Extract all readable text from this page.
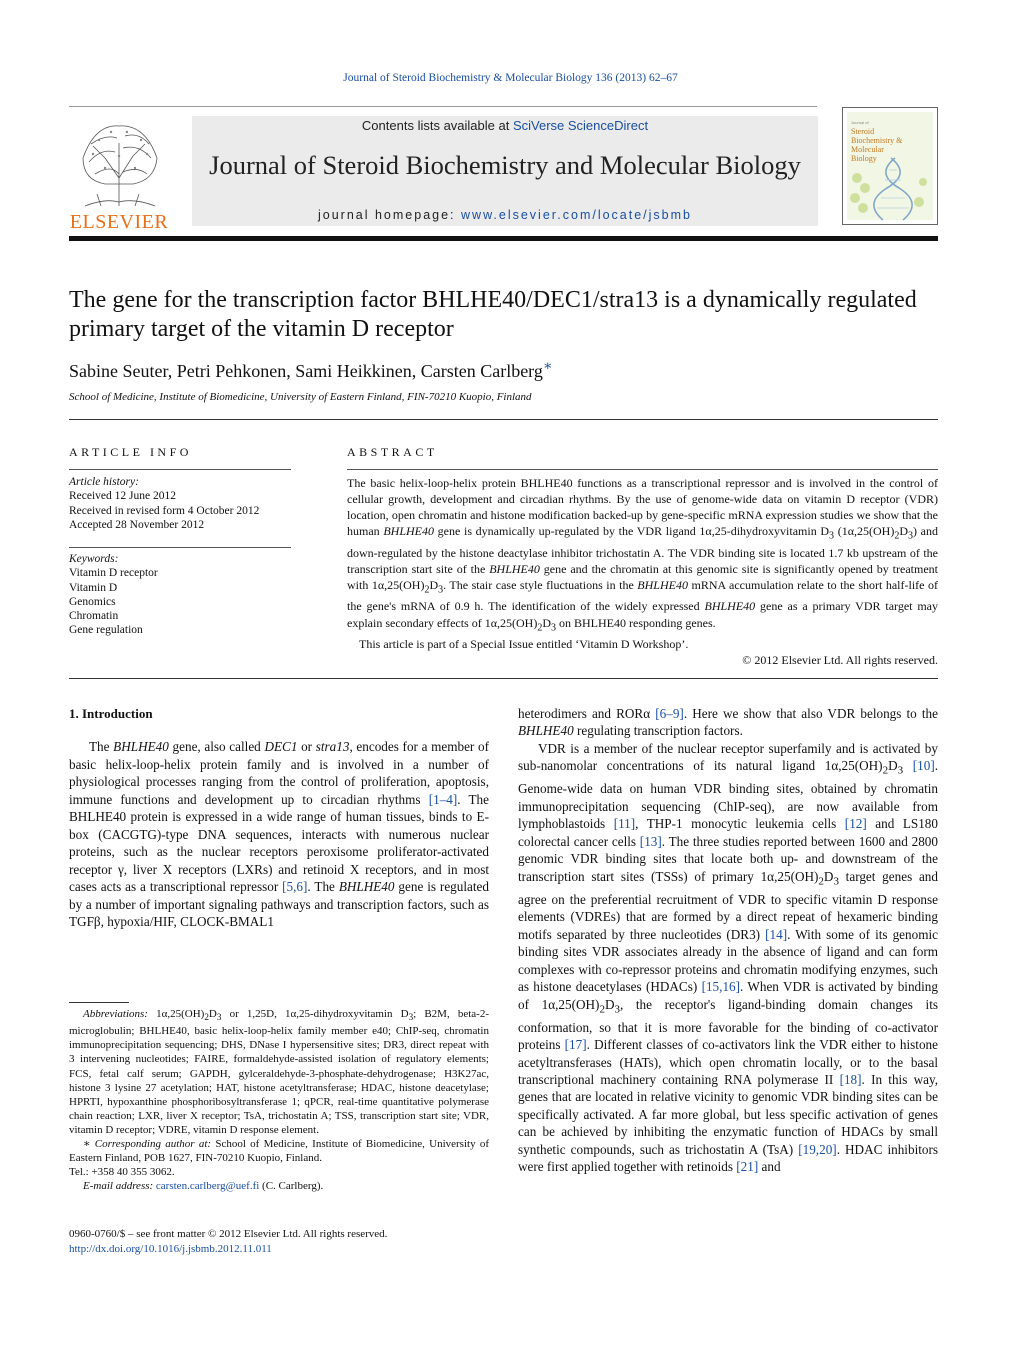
Journal of Steroid Biochemistry & Molecular Biology 136 (2013) 62–67
ELSEVIER
Contents lists available at SciVerse ScienceDirect
Journal of Steroid Biochemistry and Molecular Biology
journal homepage: www.elsevier.com/locate/jsbmb
Journal of
Steroid
Biochemistry &
Molecular
Biology
The gene for the transcription factor BHLHE40/DEC1/stra13 is a dynamically regulated primary target of the vitamin D receptor
Sabine Seuter, Petri Pehkonen, Sami Heikkinen, Carsten Carlberg∗
School of Medicine, Institute of Biomedicine, University of Eastern Finland, FIN-70210 Kuopio, Finland
ARTICLE INFO	ABSTRACT
Article history:
Received 12 June 2012
Received in revised form 4 October 2012
Accepted 28 November 2012
Keywords:
Vitamin D receptor
Vitamin D
Genomics
Chromatin
Gene regulation

The basic helix-loop-helix protein BHLHE40 functions as a transcriptional repressor and is involved in the control of cellular growth, development and circadian rhythms. By the use of genome-wide data on vitamin D receptor (VDR) location, open chromatin and histone modification backed-up by gene-specific mRNA expression studies we show that the human BHLHE40 gene is dynamically up-regulated by the VDR ligand 1α,25-dihydroxyvitamin $D_3$ $(1\alpha,25(OH)_2D_3)$ and down-regulated by the histone deactylase inhibitor trichostatin A. The VDR binding site is located 1.7 kb upstream of the transcription start site of the BHLHE40 gene and the chromatin at this genomic site is significantly opened by treatment with $1\alpha,25(OH)_2D_3$. The stair case style fluctuations in the BHLHE40 mRNA accumulation relate to the short half-life of the gene's mRNA of 0.9 h. The identification of the widely expressed BHLHE40 gene as a primary VDR target may explain secondary effects of $1\alpha,25(OH)_2D_3$ on BHLHE40 responding genes.

This article is part of a Special Issue entitled ‘Vitamin D Workshop’.

© 2012 Elsevier Ltd. All rights reserved.
1. Introduction

The BHLHE40 gene, also called DEC1 or stra13, encodes for a member of basic helix-loop-helix protein family and is involved in a number of physiological processes ranging from the control of proliferation, apoptosis, immune functions and development up to circadian rhythms [1–4]. The BHLHE40 protein is expressed in a wide range of human tissues, binds to E-box (CACGTG)-type DNA sequences, interacts with numerous nuclear proteins, such as the nuclear receptors peroxisome proliferator-activated receptor γ, liver X receptors (LXRs) and retinoid X receptors, and in most cases acts as a transcriptional repressor [5,6]. The BHLHE40 gene is regulated by a number of important signaling pathways and transcription factors, such as TGFβ, hypoxia/HIF, CLOCK-BMAL1

heterodimers and RORα [6–9]. Here we show that also VDR belongs to the BHLHE40 regulating transcription factors.

VDR is a member of the nuclear receptor superfamily and is activated by sub-nanomolar concentrations of its natural ligand $1\alpha,25(OH)_2D_3$ [10]. Genome-wide data on human VDR binding sites, obtained by chromatin immunoprecipitation sequencing (ChIP-seq), are now available from lymphoblastoids [11], THP-1 monocytic leukemia cells [12] and LS180 colorectal cancer cells [13]. The three studies reported between 1600 and 2800 genomic VDR binding sites that locate both up- and downstream of the transcription start sites (TSSs) of primary $1\alpha,25(OH)_2D_3$ target genes and agree on the preferential recruitment of VDR to specific vitamin D response elements (VDREs) that are formed by a direct repeat of hexameric binding motifs separated by three nucleotides (DR3) [14]. With some of its genomic binding sites VDR associates already in the absence of ligand and can form complexes with co-repressor proteins and chromatin modifying enzymes, such as histone deacetylases (HDACs) [15,16]. When VDR is activated by binding of $1\alpha,25(OH)_2D_3$, the receptor's ligand-binding domain changes its conformation, so that it is more favorable for the binding of co-activator proteins [17]. Different classes of co-activators link the VDR either to histone acetyltransferases (HATs), which open chromatin locally, or to the basal transcriptional machinery containing RNA polymerase II [18]. In this way, genes that are located in relative vicinity to genomic VDR binding sites can be specifically activated. A far more global, but less specific activation of genes can be achieved by inhibiting the enzymatic function of HDACs by small synthetic compounds, such as trichostatin A (TsA) [19,20]. HDAC inhibitors were first applied together with retinoids [21] and

Abbreviations: $1\alpha,25(OH)_2D_3$ or 1,25D, 1α,25-dihydroxyvitamin $D_3$; B2M, beta-2-microglobulin; BHLHE40, basic helix-loop-helix family member e40; ChIP-seq, chromatin immunoprecipitation sequencing; DHS, DNase I hypersensitive sites; DR3, direct repeat with 3 intervening nucleotides; FAIRE, formaldehyde-assisted isolation of regulatory elements; FCS, fetal calf serum; GAPDH, gylceraldehyde-3-phosphate-dehydrogenase; H3K27ac, histone 3 lysine 27 acetylation; HAT, histone acetyltransferase; HDAC, histone deacetylase; HPRTI, hypoxanthine phosphoribosyltransferase 1; qPCR, real-time quantitative polymerase chain reaction; LXR, liver X receptor; TsA, trichostatin A; TSS, transcription start site; VDR, vitamin D receptor; VDRE, vitamin D response element.

∗ Corresponding author at: School of Medicine, Institute of Biomedicine, University of Eastern Finland, POB 1627, FIN-70210 Kuopio, Finland.

Tel.: +358 40 355 3062.

E-mail address: carsten.carlberg@uef.fi (C. Carlberg).

0960-0760/$ – see front matter © 2012 Elsevier Ltd. All rights reserved.
http://dx.doi.org/10.1016/j.jsbmb.2012.11.011
